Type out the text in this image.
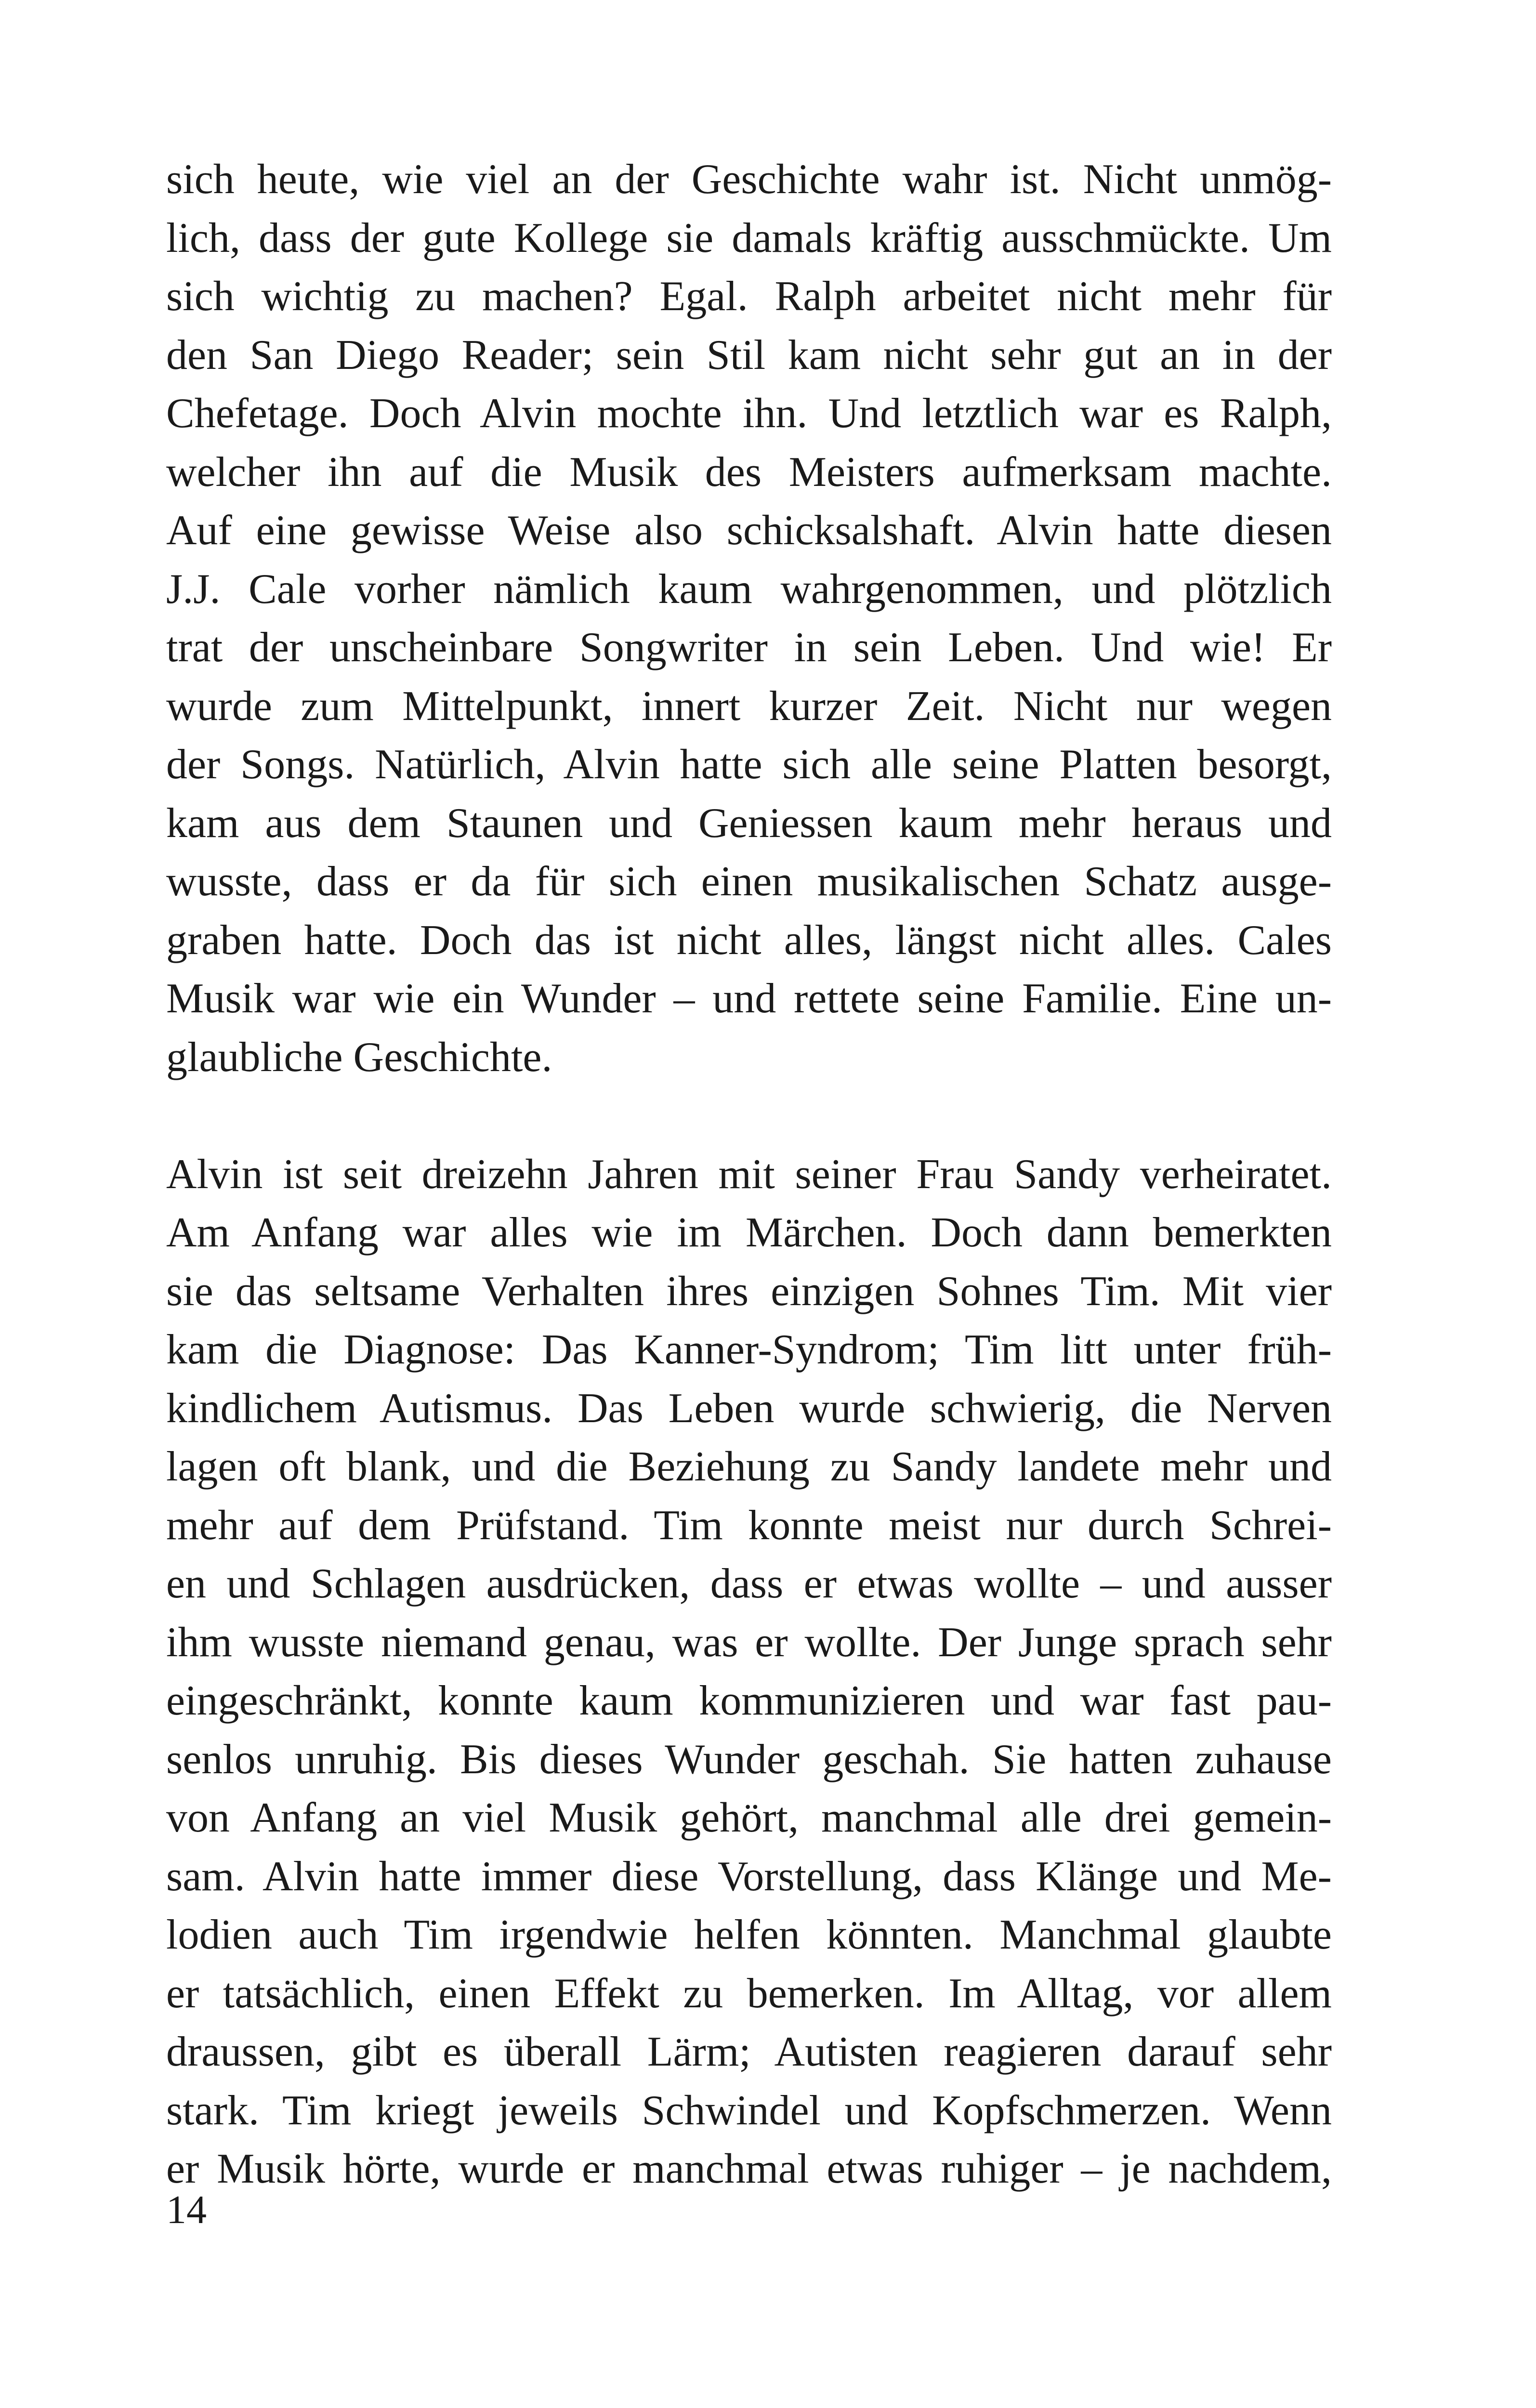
sich heute, wie viel an der Geschichte wahr ist. Nicht unmög-
lich, dass der gute Kollege sie damals kräftig ausschmückte. Um
sich wichtig zu machen? Egal. Ralph arbeitet nicht mehr für
den San Diego Reader; sein Stil kam nicht sehr gut an in der
Chefetage. Doch Alvin mochte ihn. Und letztlich war es Ralph,
welcher ihn auf die Musik des Meisters aufmerksam machte.
Auf eine gewisse Weise also schicksalshaft. Alvin hatte diesen
J.J. Cale vorher nämlich kaum wahrgenommen, und plötzlich
trat der unscheinbare Songwriter in sein Leben. Und wie! Er
wurde zum Mittelpunkt, innert kurzer Zeit. Nicht nur wegen
der Songs. Natürlich, Alvin hatte sich alle seine Platten besorgt,
kam aus dem Staunen und Geniessen kaum mehr heraus und
wusste, dass er da für sich einen musikalischen Schatz ausge-
graben hatte. Doch das ist nicht alles, längst nicht alles. Cales
Musik war wie ein Wunder – und rettete seine Familie. Eine un-
glaubliche Geschichte.
Alvin ist seit dreizehn Jahren mit seiner Frau Sandy verheiratet.
Am Anfang war alles wie im Märchen. Doch dann bemerkten
sie das seltsame Verhalten ihres einzigen Sohnes Tim. Mit vier
kam die Diagnose: Das Kanner-Syndrom; Tim litt unter früh-
kindlichem Autismus. Das Leben wurde schwierig, die Nerven
lagen oft blank, und die Beziehung zu Sandy landete mehr und
mehr auf dem Prüfstand. Tim konnte meist nur durch Schrei-
en und Schlagen ausdrücken, dass er etwas wollte – und ausser
ihm wusste niemand genau, was er wollte. Der Junge sprach sehr
eingeschränkt, konnte kaum kommunizieren und war fast pau-
senlos unruhig. Bis dieses Wunder geschah. Sie hatten zuhause
von Anfang an viel Musik gehört, manchmal alle drei gemein-
sam. Alvin hatte immer diese Vorstellung, dass Klänge und Me-
lodien auch Tim irgendwie helfen könnten. Manchmal glaubte
er tatsächlich, einen Effekt zu bemerken. Im Alltag, vor allem
draussen, gibt es überall Lärm; Autisten reagieren darauf sehr
stark. Tim kriegt jeweils Schwindel und Kopfschmerzen. Wenn
er Musik hörte, wurde er manchmal etwas ruhiger – je nachdem,
14
